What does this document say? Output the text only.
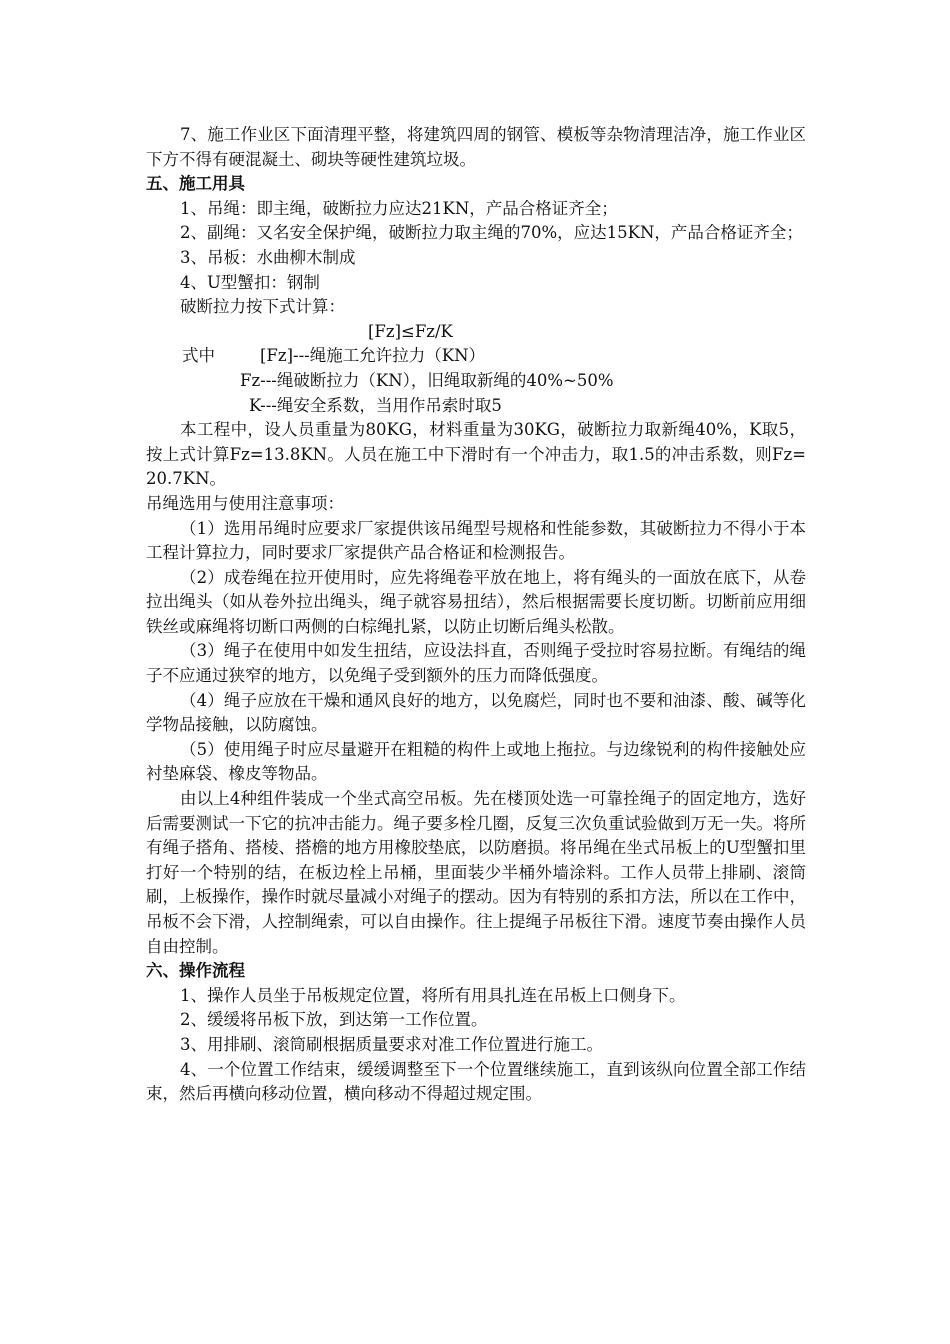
7、施工作业区下面清理平整，将建筑四周的钢管、模板等杂物清理洁净，施工作业区下方不得有硬混凝土、砌块等硬性建筑垃圾。

五、施工用具

1、吊绳：即主绳，破断拉力应达21KN，产品合格证齐全；

2、副绳：又名安全保护绳，破断拉力取主绳的70%，应达15KN，产品合格证齐全；

3、吊板：水曲柳木制成

4、U型蟹扣：钢制

破断拉力按下式计算：

[Fz]≤Fz/K

式中	[Fz]---绳施工允许拉力（KN）

Fz---绳破断拉力（KN），旧绳取新绳的40%~50%

K---绳安全系数，当用作吊索时取5

本工程中，设人员重量为80KG，材料重量为30KG，破断拉力取新绳40%，K取5，按上式计算Fz=13.8KN。人员在施工中下滑时有一个冲击力，取1.5的冲击系数，则Fz=20.7KN。

吊绳选用与使用注意事项：

（1）选用吊绳时应要求厂家提供该吊绳型号规格和性能参数，其破断拉力不得小于本工程计算拉力，同时要求厂家提供产品合格证和检测报告。

（2）成卷绳在拉开使用时，应先将绳卷平放在地上，将有绳头的一面放在底下，从卷拉出绳头（如从卷外拉出绳头，绳子就容易扭结），然后根据需要长度切断。切断前应用细铁丝或麻绳将切断口两侧的白棕绳扎紧，以防止切断后绳头松散。

（3）绳子在使用中如发生扭结，应设法抖直，否则绳子受拉时容易拉断。有绳结的绳子不应通过狭窄的地方，以免绳子受到额外的压力而降低强度。

（4）绳子应放在干燥和通风良好的地方，以免腐烂，同时也不要和油漆、酸、碱等化学物品接触，以防腐蚀。

（5）使用绳子时应尽量避开在粗糙的构件上或地上拖拉。与边缘锐利的构件接触处应衬垫麻袋、橡皮等物品。

由以上4种组件装成一个坐式高空吊板。先在楼顶处选一可靠拴绳子的固定地方，选好后需要测试一下它的抗冲击能力。绳子要多栓几圈，反复三次负重试验做到万无一失。将所有绳子搭角、搭棱、搭檐的地方用橡胶垫底，以防磨损。将吊绳在坐式吊板上的U型蟹扣里打好一个特别的结，在板边栓上吊桶，里面装少半桶外墙涂料。工作人员带上排刷、滚筒刷，上板操作，操作时就尽量减小对绳子的摆动。因为有特别的系扣方法，所以在工作中，吊板不会下滑，人控制绳索，可以自由操作。往上提绳子吊板往下滑。速度节奏由操作人员自由控制。

六、操作流程

1、操作人员坐于吊板规定位置，将所有用具扎连在吊板上口侧身下。

2、缓缓将吊板下放，到达第一工作位置。

3、用排刷、滚筒刷根据质量要求对准工作位置进行施工。

4、一个位置工作结束，缓缓调整至下一个位置继续施工，直到该纵向位置全部工作结束，然后再横向移动位置，横向移动不得超过规定围。
